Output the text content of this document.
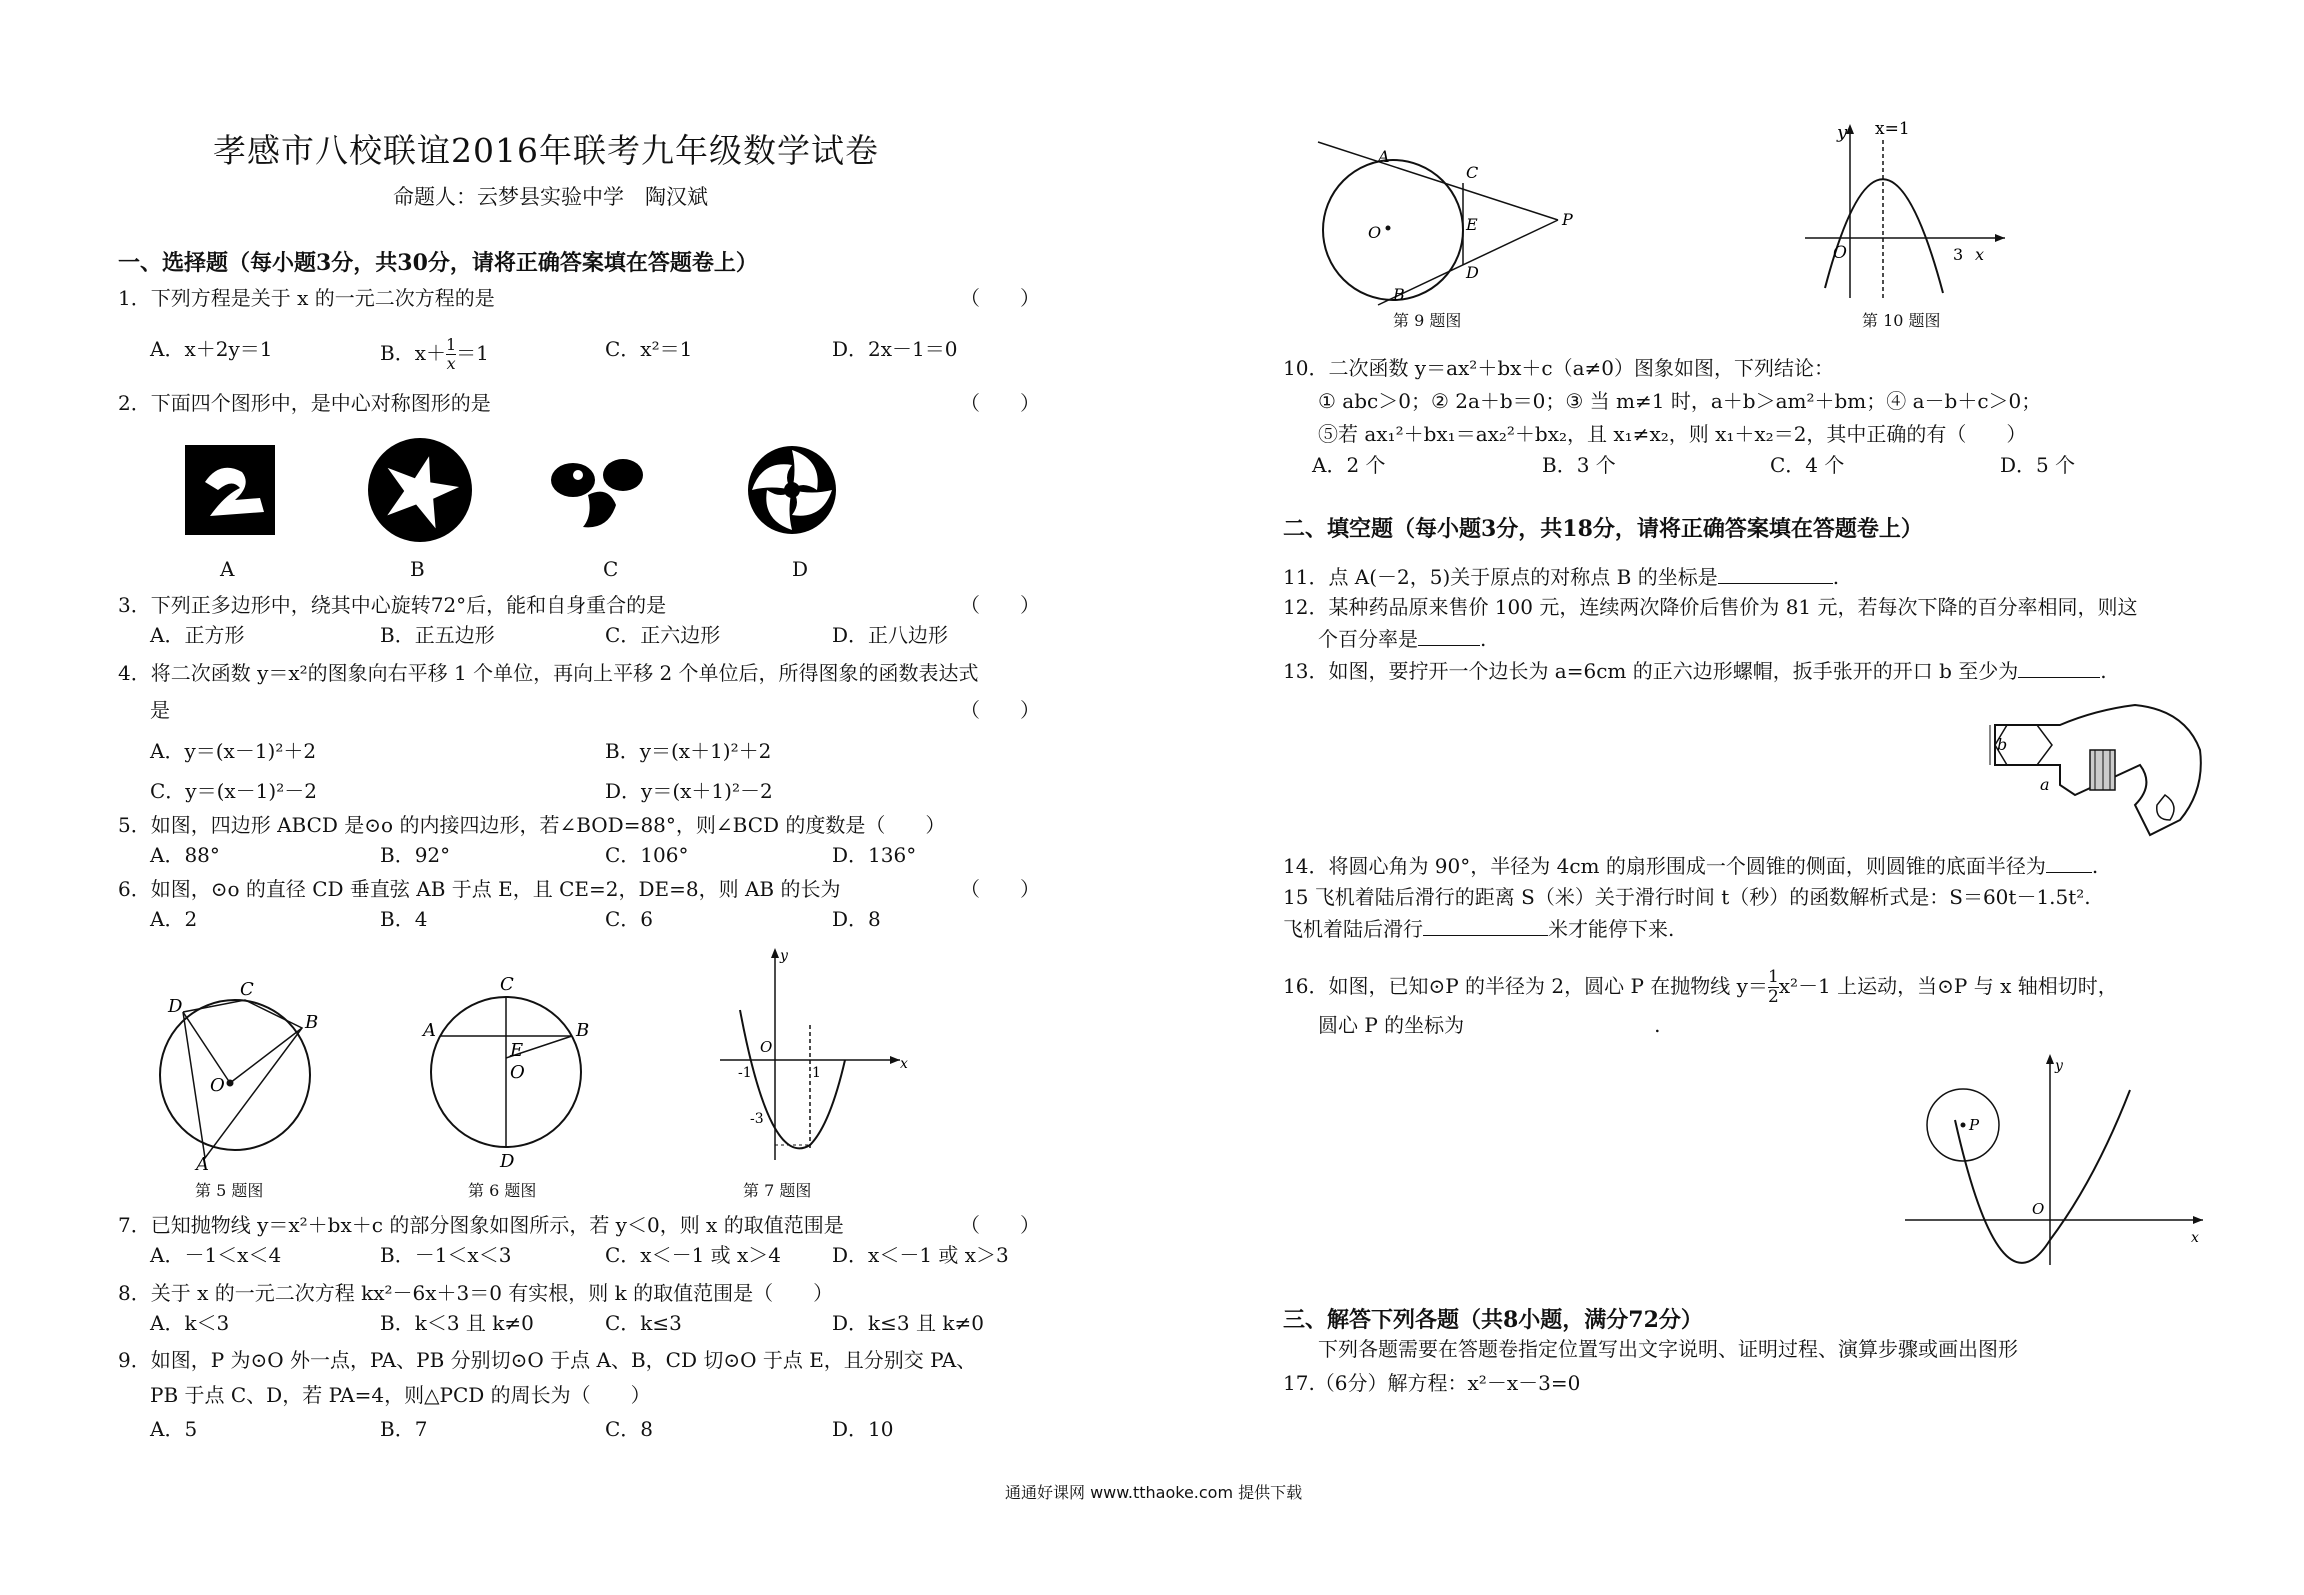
孝感市八校联谊2016年联考九年级数学试卷
命题人：云梦县实验中学　陶汉斌
一、选择题（每小题3分，共30分，请将正确答案填在答题卷上）
1．下列方程是关于 x 的一元二次方程的是	（　　）
A．x＋2y＝1	B．$x+ \frac{1}{x} =1$	C．x²＝1	D．2x－1＝0
2．下面四个图形中，是中心对称图形的是	（　　）
A	B	C	D
3．下列正多边形中，绕其中心旋转72°后，能和自身重合的是	（　　）
A．正方形	B．正五边形	C．正六边形	D．正八边形
4．将二次函数 y＝x²的图象向右平移 1 个单位，再向上平移 2 个单位后，所得图象的函数表达式
是	（　　）
A．y＝(x－1)²＋2	B．y＝(x＋1)²＋2
C．y＝(x－1)²－2	D．y＝(x＋1)²－2
5．如图，四边形 ABCD 是⊙o 的内接四边形，若∠BOD=88°，则∠BCD 的度数是（　　）
A．88°	B．92°	C．106°	D．136°
6．如图，⊙o 的直径 CD 垂直弦 AB 于点 E，且 CE=2，DE=8，则 AB 的长为	（　　）
A．2	B．4	C．6	D．8
D
C
B
O
A
C
A	B
E
O
D
y
x
O
-1	1
-3
第 5 题图	第 6 题图	第 7 题图
7．已知抛物线 y＝x²＋bx＋c 的部分图象如图所示，若 y＜0，则 x 的取值范围是	（　　）
A．－1＜x＜4	B．－1＜x＜3	C．x＜－1 或 x＞4	D．x＜－1 或 x＞3
8．关于 x 的一元二次方程 kx²－6x＋3＝0 有实根，则 k 的取值范围是（　　）
A．k＜3	B．k＜3 且 k≠0	C．k≤3	D．k≤3 且 k≠0
9．如图，P 为⊙O 外一点，PA、PB 分别切⊙O 于点 A、B，CD 切⊙O 于点 E，且分别交 PA、
PB 于点 C、D，若 PA=4，则△PCD 的周长为（　　）
A．5	B．7	C．8	D．10
A
C
E
D
P
O
B
第 9 题图
y x=1
O	3 x
第 10 题图
10．二次函数 y＝ax²＋bx＋c（a≠0）图象如图，下列结论：
① abc＞0；② 2a＋b＝0；③ 当 m≠1 时，a＋b＞am²＋bm；④ a－b＋c＞0；
⑤若 ax₁²＋bx₁＝ax₂²＋bx₂，且 x₁≠x₂，则 x₁＋x₂＝2，其中正确的有（　　）
A．2 个	B．3 个	C．4 个	D．5 个
二、填空题（每小题3分，共18分，请将正确答案填在答题卷上）
11．点 A(－2，5)关于原点的对称点 B 的坐标是	.
12．某种药品原来售价 100 元，连续两次降价后售价为 81 元，若每次下降的百分率相同，则这
个百分率是	.
13．如图，要拧开一个边长为 a=6cm 的正六边形螺帽，扳手张开的开口 b 至少为	.
b
a
14．将圆心角为 90°，半径为 4cm 的扇形围成一个圆锥的侧面，则圆锥的底面半径为 .
15 飞机着陆后滑行的距离 S（米）关于滑行时间 t（秒）的函数解析式是：S＝60t－1.5t².
飞机着陆后滑行	米才能停下来.
16．如图，已知⊙P 的半径为 2，圆心 P 在抛物线 $y= \frac{1}{2} x^2-1$ 上运动，当⊙P 与 x 轴相切时，
圆心 P 的坐标为	.
y
x
O
P
三、解答下列各题（共8小题，满分72分）
下列各题需要在答题卷指定位置写出文字说明、证明过程、演算步骤或画出图形
17.（6分）解方程：x²－x－3=0
通通好课网 www.tthaoke.com 提供下载
